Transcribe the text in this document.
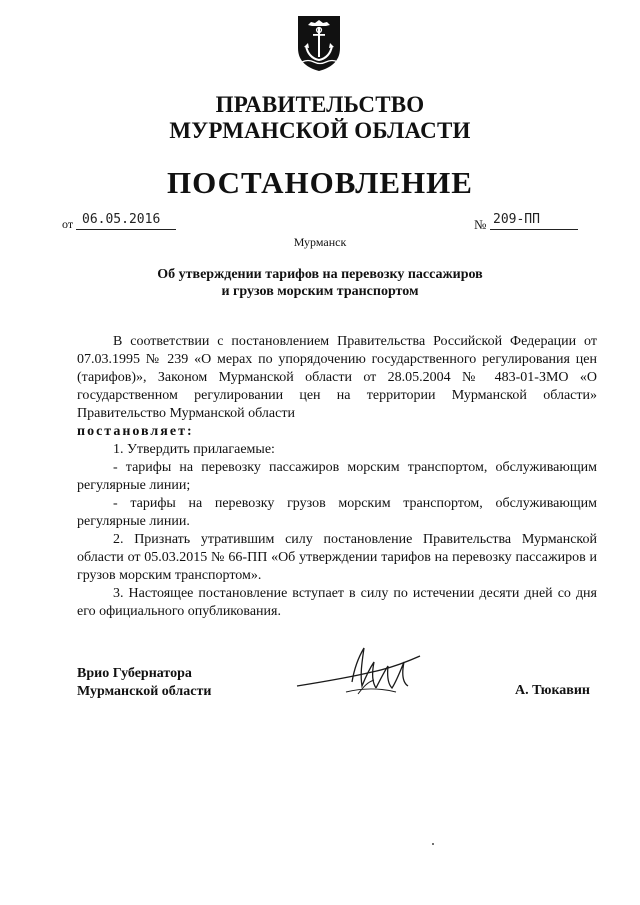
ПРАВИТЕЛЬСТВО
МУРМАНСКОЙ ОБЛАСТИ
ПОСТАНОВЛЕНИЕ
от 06.05.2016	№ 209-ПП
Мурманск
Об утверждении тарифов на перевозку пассажиров
и грузов морским транспортом

В соответствии с постановлением Правительства Российской Федерации от 07.03.1995 № 239 «О мерах по упорядочению государственного регулирования цен (тарифов)», Законом Мурманской области от 28.05.2004 № 483-01-ЗМО «О государственном регулировании цен на территории Мурманской области» Правительство Мурманской области

постановляет:

1. Утвердить прилагаемые:

- тарифы на перевозку пассажиров морским транспортом, обслуживающим регулярные линии;

- тарифы на перевозку грузов морским транспортом, обслуживающим регулярные линии.

2. Признать утратившим силу постановление Правительства Мурманской области от 05.03.2015 № 66-ПП «Об утверждении тарифов на перевозку пассажиров и грузов морским транспортом».

3. Настоящее постановление вступает в силу по истечении десяти дней со дня его официального опубликования.

Врио Губернатора
Мурманской области	А. Тюкавин
